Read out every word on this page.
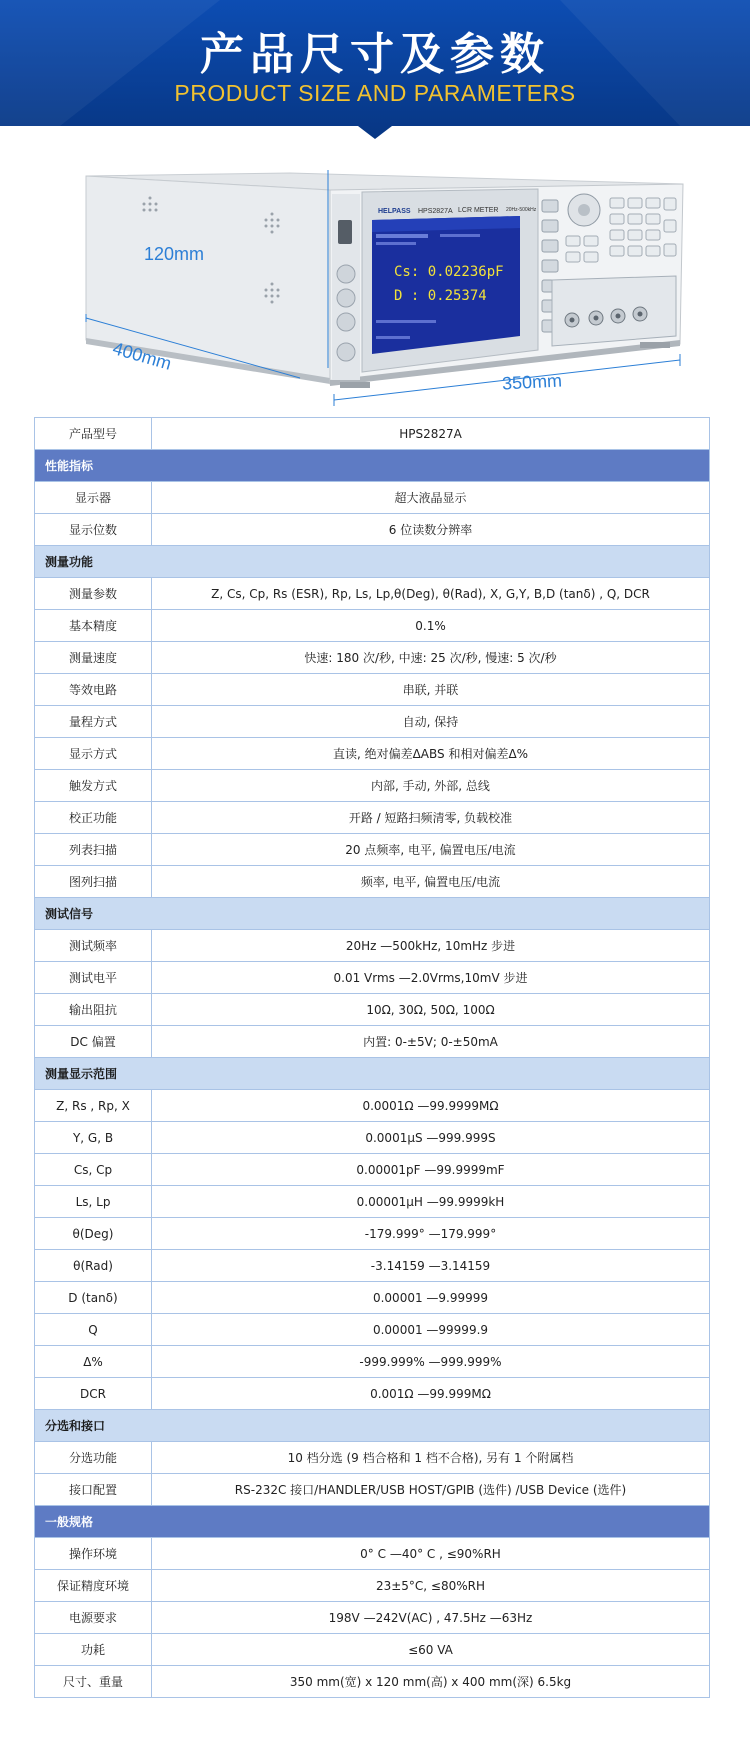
产品尺寸及参数
PRODUCT SIZE AND PARAMETERS
HELPASS HPS2827A LCR METER 20Hz-500kHz
Cs: 0.02236pF
D : 0.25374
120mm
400mm
350mm
产品型号	HPS2827A
性能指标	
显示器	超大液晶显示
显示位数	6 位读数分辨率
测量功能	
测量参数	Z, Cs, Cp, Rs (ESR), Rp, Ls, Lp,θ(Deg), θ(Rad), X, G,Y, B,D (tanδ) , Q, DCR
基本精度	0.1%
测量速度	快速: 180 次/秒, 中速: 25 次/秒, 慢速: 5 次/秒
等效电路	串联, 并联
量程方式	自动, 保持
显示方式	直读, 绝对偏差ΔABS 和相对偏差Δ%
触发方式	内部, 手动, 外部, 总线
校正功能	开路 / 短路扫频清零, 负载校准
列表扫描	20 点频率, 电平, 偏置电压/电流
图列扫描	频率, 电平, 偏置电压/电流
测试信号	
测试频率	20Hz —500kHz, 10mHz 步进
测试电平	0.01 Vrms —2.0Vrms,10mV 步进
输出阻抗	10Ω, 30Ω, 50Ω, 100Ω
DC 偏置	内置: 0-±5V; 0-±50mA
测量显示范围	
Z, Rs , Rp, X	0.0001Ω —99.9999MΩ
Y, G, B	0.0001μS —999.999S
Cs, Cp	0.00001pF —99.9999mF
Ls, Lp	0.00001μH —99.9999kH
θ(Deg)	-179.999° —179.999°
θ(Rad)	-3.14159 —3.14159
D (tanδ)	0.00001 —9.99999
Q	0.00001 —99999.9
Δ%	-999.999% —999.999%
DCR	0.001Ω —99.999MΩ
分选和接口	
分选功能	10 档分选 (9 档合格和 1 档不合格), 另有 1 个附属档
接口配置	RS-232C 接口/HANDLER/USB HOST/GPIB (选件) /USB Device (选件)
一般规格	
操作环境	0° C —40° C , ≤90%RH
保证精度环境	23±5°C, ≤80%RH
电源要求	198V —242V(AC) , 47.5Hz —63Hz
功耗	≤60 VA
尺寸、重量	350 mm(宽) x 120 mm(高) x 400 mm(深) 6.5kg
